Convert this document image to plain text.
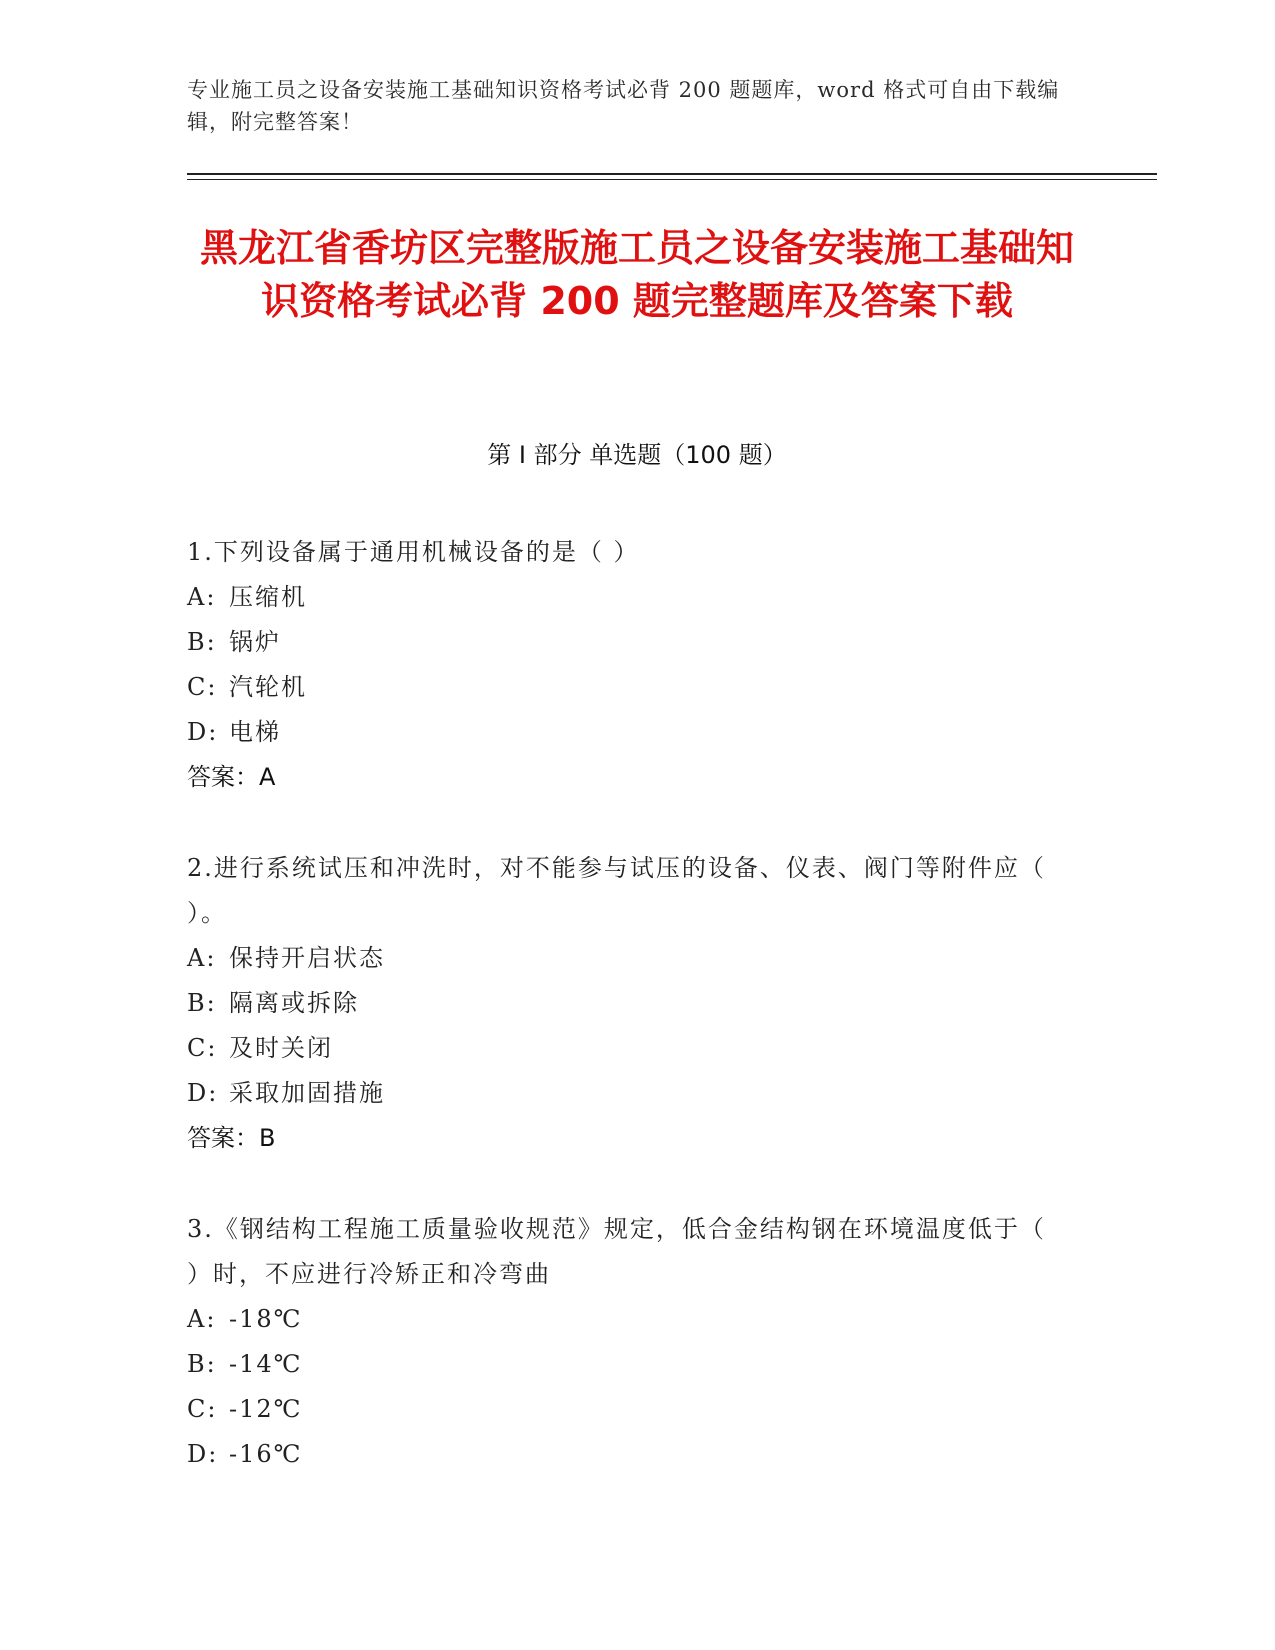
专业施工员之设备安装施工基础知识资格考试必背 200 题题库，word 格式可自由下载编辑，附完整答案！
黑龙江省香坊区完整版施工员之设备安装施工基础知识资格考试必背 200 题完整题库及答案下载
第 I 部分 单选题（100 题）
1.下列设备属于通用机械设备的是（ ）
A: 压缩机
B: 锅炉
C: 汽轮机
D: 电梯
答案：A
2.进行系统试压和冲洗时，对不能参与试压的设备、仪表、阀门等附件应（ ）。
A: 保持开启状态
B: 隔离或拆除
C: 及时关闭
D: 采取加固措施
答案：B
3.《钢结构工程施工质量验收规范》规定，低合金结构钢在环境温度低于（ ）时，不应进行冷矫正和冷弯曲
A: -18℃
B: -14℃
C: -12℃
D: -16℃
